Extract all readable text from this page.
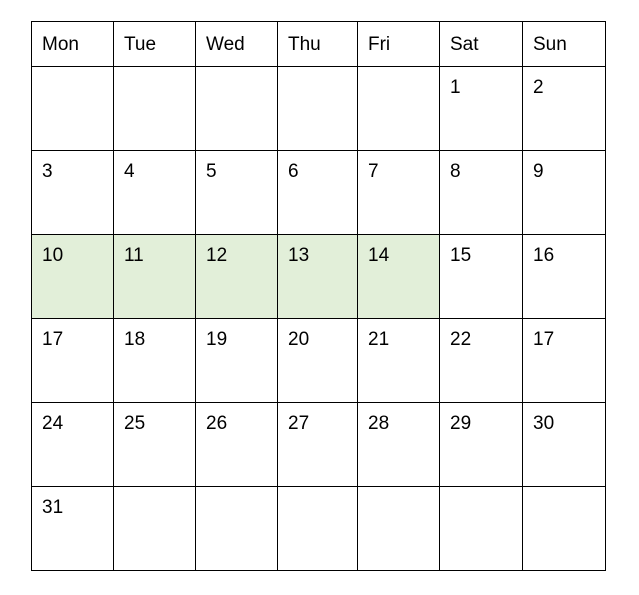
Mon	Tue	Wed	Thu	Fri	Sat	Sun

					1	2

3	4	5	6	7	8	9

10	11	12	13	14	15	16

17	18	19	20	21	22	17

24	25	26	27	28	29	30

31						
